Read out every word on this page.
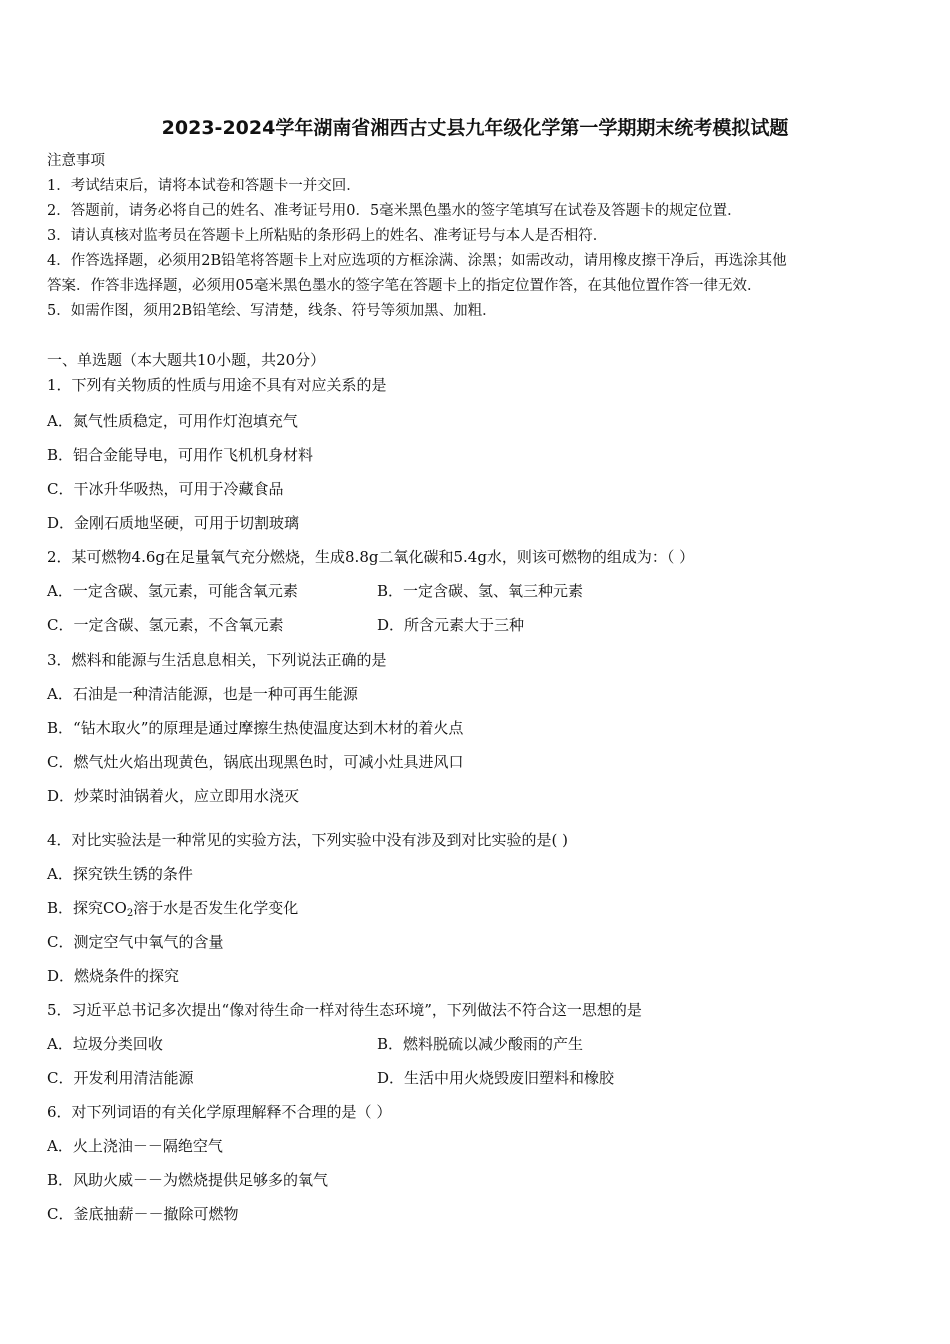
2023-2024学年湖南省湘西古丈县九年级化学第一学期期末统考模拟试题
注意事项
1．考试结束后，请将本试卷和答题卡一并交回．
2．答题前，请务必将自己的姓名、准考证号用0．5毫米黑色墨水的签字笔填写在试卷及答题卡的规定位置．
3．请认真核对监考员在答题卡上所粘贴的条形码上的姓名、准考证号与本人是否相符．
4．作答选择题，必须用2B铅笔将答题卡上对应选项的方框涂满、涂黑；如需改动，请用橡皮擦干净后，再选涂其他
答案．作答非选择题，必须用05毫米黑色墨水的签字笔在答题卡上的指定位置作答，在其他位置作答一律无效．
5．如需作图，须用2B铅笔绘、写清楚，线条、符号等须加黑、加粗．
一、单选题（本大题共10小题，共20分）
1．下列有关物质的性质与用途不具有对应关系的是
A．氮气性质稳定，可用作灯泡填充气
B．铝合金能导电，可用作飞机机身材料
C．干冰升华吸热，可用于冷藏食品
D．金刚石质地坚硬，可用于切割玻璃
2．某可燃物4.6g在足量氧气充分燃烧，生成8.8g二氧化碳和5.4g水，则该可燃物的组成为：（ ）
A．一定含碳、氢元素，可能含氧元素	B．一定含碳、氢、氧三种元素
C．一定含碳、氢元素，不含氧元素	D．所含元素大于三种
3．燃料和能源与生活息息相关，下列说法正确的是
A．石油是一种清洁能源，也是一种可再生能源
B．“钻木取火”的原理是通过摩擦生热使温度达到木材的着火点
C．燃气灶火焰出现黄色，锅底出现黑色时，可减小灶具进风口
D．炒菜时油锅着火，应立即用水浇灭
4．对比实验法是一种常见的实验方法，下列实验中没有涉及到对比实验的是( )
A．探究铁生锈的条件
B．探究$CO_2$溶于水是否发生化学变化
C．测定空气中氧气的含量
D．燃烧条件的探究
5．习近平总书记多次提出“像对待生命一样对待生态环境”，下列做法不符合这一思想的是
A．垃圾分类回收	B．燃料脱硫以减少酸雨的产生
C．开发利用清洁能源	D．生活中用火烧毁废旧塑料和橡胶
6．对下列词语的有关化学原理解释不合理的是（ ）
A．火上浇油－－隔绝空气
B．风助火威－－为燃烧提供足够多的氧气
C．釜底抽薪－－撤除可燃物
